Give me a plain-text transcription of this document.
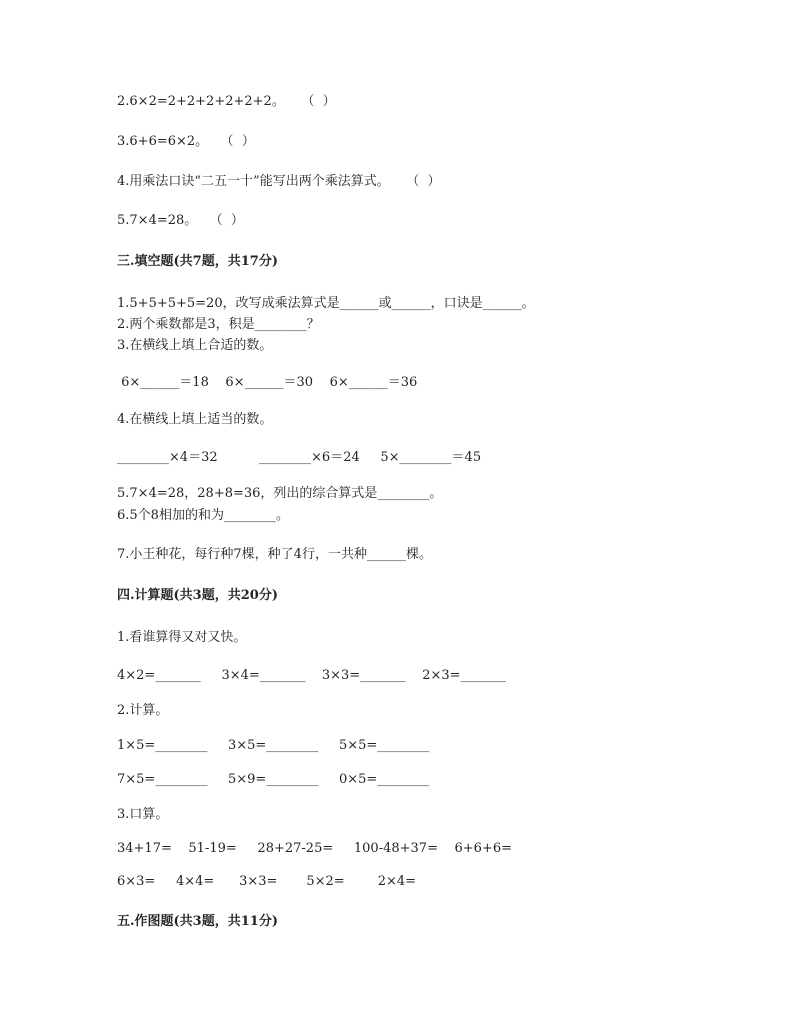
2.6×2=2+2+2+2+2+2。    （  ）
3.6+6=6×2。   （  ）
4.用乘法口诀“二五一十”能写出两个乘法算式。    （  ）
5.7×4=28。   （  ）
三.填空题(共7题，共17分)
1.5+5+5+5=20，改写成乘法算式是______或______，口诀是______。
2.两个乘数都是3，积是________？
3.在横线上填上合适的数。
6×______＝18    6×______＝30    6×______＝36
4.在横线上填上适当的数。
________×4＝32          ________×6＝24     5×________＝45
5.7×4=28，28+8=36，列出的综合算式是________。
6.5个8相加的和为________。
7.小王种花，每行种7棵，种了4行，一共种______棵。
四.计算题(共3题，共20分)
1.看谁算得又对又快。
4×2=_______     3×4=_______    3×3=_______    2×3=_______
2.计算。
1×5=________     3×5=________     5×5=________
7×5=________     5×9=________     0×5=________
3.口算。
34+17=    51-19=     28+27-25=     100-48+37=    6+6+6=
6×3=     4×4=      3×3=       5×2=        2×4=
五.作图题(共3题，共11分)
